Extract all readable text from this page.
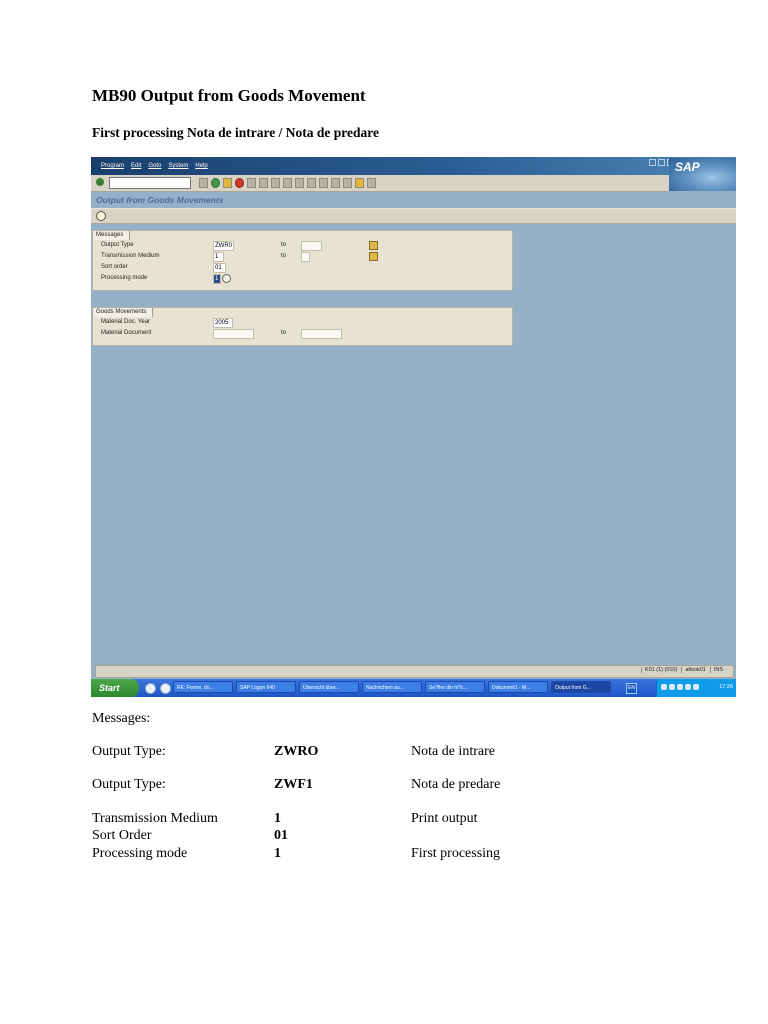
MB90 Output from Goods Movement
First processing Nota de intrare / Nota de predare
Program Edit Goto System Help	SAP
Output from Goods Movements
Messages
Output Type	ZWR0	to
Transmission Medium	1	to
Sort order	01
Processing mode	1
Goods Movements
Material Doc. Year	2005
Material Document	to
K01 (1) (010)	atlsok01	INS
Start	RE: Forme, do...	SAP Logon 640	Übersicht über...	Nachrichten au...	Se?fire din ni?c...	Dokument1 - M...	Output from G...	EN	17:26
Messages:
Output Type:	ZWRO	Nota de intrare
Output Type:	ZWF1	Nota de predare
Transmission Medium	1	Print output
Sort Order	01
Processing mode	1	First processing
